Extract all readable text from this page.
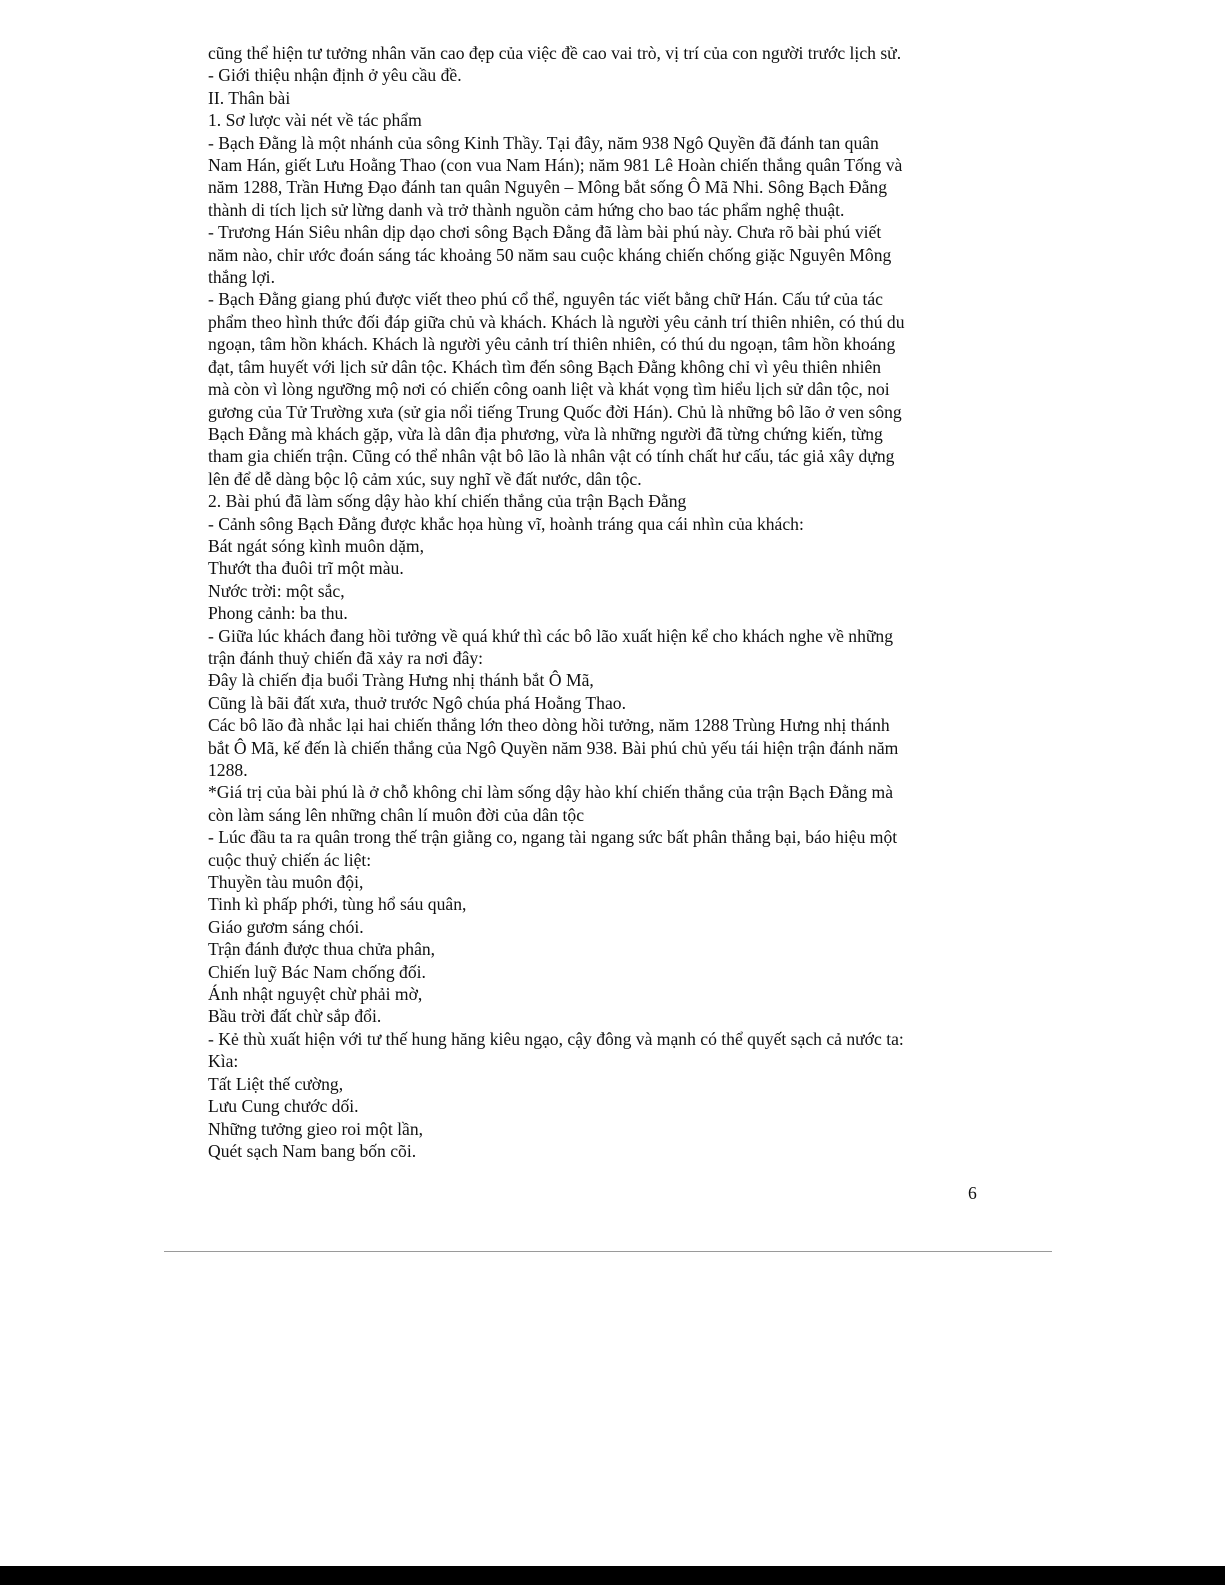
cũng thể hiện tư tưởng nhân văn cao đẹp của việc đề cao vai trò, vị trí của con người trước lịch sử.
- Giới thiệu nhận định ở yêu cầu đề.
II. Thân bài
1. Sơ lược vài nét về tác phẩm
- Bạch Đằng là một nhánh của sông Kinh Thầy. Tại đây, năm 938 Ngô Quyền đã đánh tan quân
Nam Hán, giết Lưu Hoằng Thao (con vua Nam Hán); năm 981 Lê Hoàn chiến thắng quân Tống và
năm 1288, Trần Hưng Đạo đánh tan quân Nguyên – Mông bắt sống Ô Mã Nhi. Sông Bạch Đằng
thành di tích lịch sử lừng danh và trở thành nguồn cảm hứng cho bao tác phẩm nghệ thuật.
- Trương Hán Siêu nhân dịp dạo chơi sông Bạch Đằng đã làm bài phú này. Chưa rõ bài phú viết
năm nào, chỉr ước đoán sáng tác khoảng 50 năm sau cuộc kháng chiến chống giặc Nguyên Mông
thắng lợi.
- Bạch Đằng giang phú được viết theo phú cổ thể, nguyên tác viết bằng chữ Hán. Cấu tứ của tác
phẩm theo hình thức đối đáp giữa chủ và khách. Khách là người yêu cảnh trí thiên nhiên, có thú du
ngoạn, tâm hồn khách. Khách là người yêu cảnh trí thiên nhiên, có thú du ngoạn, tâm hồn khoáng
đạt, tâm huyết với lịch sử dân tộc. Khách tìm đến sông Bạch Đằng không chỉ vì yêu thiên nhiên
mà còn vì lòng ngưỡng mộ nơi có chiến công oanh liệt và khát vọng tìm hiểu lịch sử dân tộc, noi
gương của Tử Trường xưa (sử gia nổi tiếng Trung Quốc đời Hán). Chủ là những bô lão ở ven sông
Bạch Đằng mà khách gặp, vừa là dân địa phương, vừa là những người đã từng chứng kiến, từng
tham gia chiến trận. Cũng có thể nhân vật bô lão là nhân vật có tính chất hư cấu, tác giả xây dựng
lên để dễ dàng bộc lộ cảm xúc, suy nghĩ về đất nước, dân tộc.
2. Bài phú đã làm sống dậy hào khí chiến thắng của trận Bạch Đằng
- Cảnh sông Bạch Đằng được khắc họa hùng vĩ, hoành tráng qua cái nhìn của khách:
Bát ngát sóng kình muôn dặm,
Thướt tha đuôi trĩ một màu.
Nước trời: một sắc,
Phong cảnh: ba thu.
- Giữa lúc khách đang hồi tưởng về quá khứ thì các bô lão xuất hiện kể cho khách nghe về những
trận đánh thuỷ chiến đã xảy ra nơi đây:
Đây là chiến địa buổi Tràng Hưng nhị thánh bắt Ô Mã,
Cũng là bãi đất xưa, thuở trước Ngô chúa phá Hoằng Thao.
Các bô lão đà nhắc lại hai chiến thắng lớn theo dòng hồi tưởng, năm 1288 Trùng Hưng nhị thánh
bắt Ô Mã, kế đến là chiến thắng của Ngô Quyền năm 938. Bài phú chủ yếu tái hiện trận đánh năm
1288.
*Giá trị của bài phú là ở chỗ không chỉ làm sống dậy hào khí chiến thắng của trận Bạch Đằng mà
còn làm sáng lên những chân lí muôn đời của dân tộc
- Lúc đầu ta ra quân trong thế trận giằng co, ngang tài ngang sức bất phân thắng bại, báo hiệu một
cuộc thuỷ chiến ác liệt:
Thuyền tàu muôn đội,
Tinh kì phấp phới, tùng hổ sáu quân,
Giáo gươm sáng chói.
Trận đánh được thua chửa phân,
Chiến luỹ Bác Nam chống đối.
Ánh nhật nguyệt chừ phải mờ,
Bầu trời đất chừ sắp đổi.
- Kẻ thù xuất hiện với tư thế hung hăng kiêu ngạo, cậy đông và mạnh có thể quyết sạch cả nước ta:
Kìa:
Tất Liệt thế cường,
Lưu Cung chước dối.
Những tưởng gieo roi một lần,
Quét sạch Nam bang bốn cõi.
6
